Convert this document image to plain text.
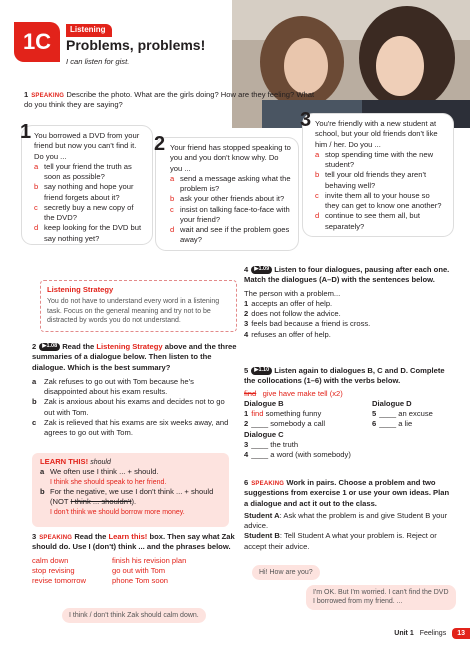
1C	Listening
Problems, problems!
I can listen for gist.
1 SPEAKING Describe the photo. What are the girls doing? How are they feeling? What do you think they are saying?
1 You borrowed a DVD from your friend but now you can't find it. Do you ...
a tell your friend the truth as soon as possible?
b say nothing and hope your friend forgets about it?
c secretly buy a new copy of the DVD?
d keep looking for the DVD but say nothing yet?
2 Your friend has stopped speaking to you and you don't know why. Do you ...
a send a message asking what the problem is?
b ask your other friends about it?
c insist on talking face-to-face with your friend?
d wait and see if the problem goes away?
3 You're friendly with a new student at school, but your old friends don't like him / her. Do you ...
a stop spending time with the new student?
b tell your old friends they aren't behaving well?
c invite them all to your house so they can get to know one another?
d continue to see them all, but separately?
Listening Strategy

You do not have to understand every word in a listening task. Focus on the general meaning and try not to be distracted by words you do not understand.

2 ▶1.08 Read the Listening Strategy above and the three summaries of a dialogue below. Then listen to the dialogue. Which is the best summary?
a	Zak refuses to go out with Tom because he's disappointed about his exam results.
b Zak is anxious about his exams and decides not to go out with Tom.
c	Zak is relieved that his exams are six weeks away, and agrees to go out with Tom.
LEARN THIS! should
a We often use I think ... + should.
I think she should speak to her friend.
b For the negative, we use I don't think ... + should
(NOT I think ... shouldn't).
I don't think we should borrow more money.
3 SPEAKING Read the Learn this! box. Then say what Zak should do. Use I (don't) think ... and the phrases below.
calm down	finish his revision plan
stop revising	go out with Tom
revise tomorrow	phone Tom soon
I think / don't think Zak should calm down.
4 ▶1.09 Listen to four dialogues, pausing after each one. Match the dialogues (A–D) with the sentences below.
The person with a problem...
1 accepts an offer of help.
2 does not follow the advice.
3 feels bad because a friend is cross.
4 refuses an offer of help.
5 ▶1.10 Listen again to dialogues B, C and D. Complete the collocations (1–6) with the verbs below.
find give have make tell (x2)
Dialogue B
1 find something funny
2 ____ somebody a call
Dialogue C
3 ____ the truth
4 ____ a word (with somebody)
Dialogue D
5 ____ an excuse
6 ____ a lie
6 SPEAKING Work in pairs. Choose a problem and two suggestions from exercise 1 or use your own ideas. Plan a dialogue and act it out to the class.
Student A: Ask what the problem is and give Student B your advice.
Student B: Tell Student A what your problem is. Reject or accept their advice.
Hi! How are you?
I'm OK. But I'm worried. I can't find the DVD I borrowed from my friend. ...
Unit 1 Feelings	13
